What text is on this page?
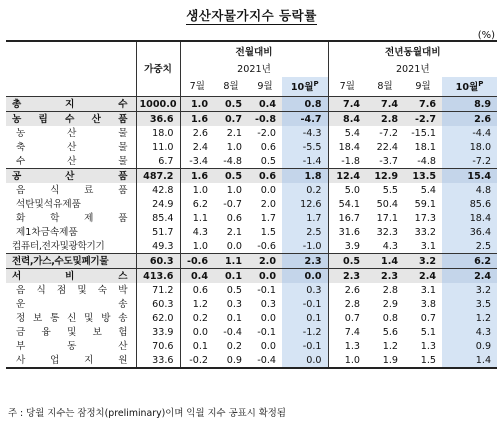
생산자물가지수 등락률
(%)
	가중치	전월대비				전년동월대비			
		2021년				2021년			
		7월	8월	9월	10월$^P$	7월	8월	9월	10월$^P$
총 지 수	1000.0	1.0	0.5	0.4	0.8	7.4	7.4	7.6	8.9
농 림 수 산 품	36.6	1.6	0.7	-0.8	-4.7	8.4	2.8	-2.7	2.6
농 산 물	18.0	2.6	2.1	-2.0	-4.3	5.4	-7.2	-15.1	-4.4
축 산 물	11.0	2.4	1.0	0.6	-5.5	18.4	22.4	18.1	18.0
수 산 물	6.7	-3.4	-4.8	0.5	-1.4	-1.8	-3.7	-4.8	-7.2
공 산 품	487.2	1.6	0.5	0.6	1.8	12.4	12.9	13.5	15.4
음 식 료 품	42.8	1.0	1.0	0.0	0.2	5.0	5.5	5.4	4.8
석탄및석유제품	24.9	6.2	-0.7	2.0	12.6	54.1	50.4	59.1	85.6
화 학 제 품	85.4	1.1	0.6	1.7	1.7	16.7	17.1	17.3	18.4
제1차금속제품	51.7	4.3	2.1	1.5	2.5	31.6	32.3	33.2	36.4
컴퓨터,전자및광학기기	49.3	1.0	0.0	-0.6	-1.0	3.9	4.3	3.1	2.5
전력,가스,수도및폐기물	60.3	-0.6	1.1	2.0	2.3	0.5	1.4	3.2	6.2
서 비 스	413.6	0.4	0.1	0.0	0.0	2.3	2.3	2.4	2.4
음 식 점 및 숙 박	71.2	0.6	0.5	-0.1	0.3	2.6	2.8	3.1	3.2
운 송	60.3	1.2	0.3	0.3	-0.1	2.8	2.9	3.8	3.5
정 보 통 신 및 방 송	62.0	0.2	0.1	0.0	0.1	0.7	0.8	0.7	1.2
금 융 및 보 험	33.9	0.0	-0.4	-0.1	-1.2	7.4	5.6	5.1	4.3
부 동 산	70.6	0.1	0.2	0.0	-0.1	1.3	1.2	1.3	0.9
사 업 지 원	33.6	-0.2	0.9	-0.4	0.0	1.0	1.9	1.5	1.4
주 : 당월 지수는 잠정치(preliminary)이며 익월 지수 공표시 확정됨
